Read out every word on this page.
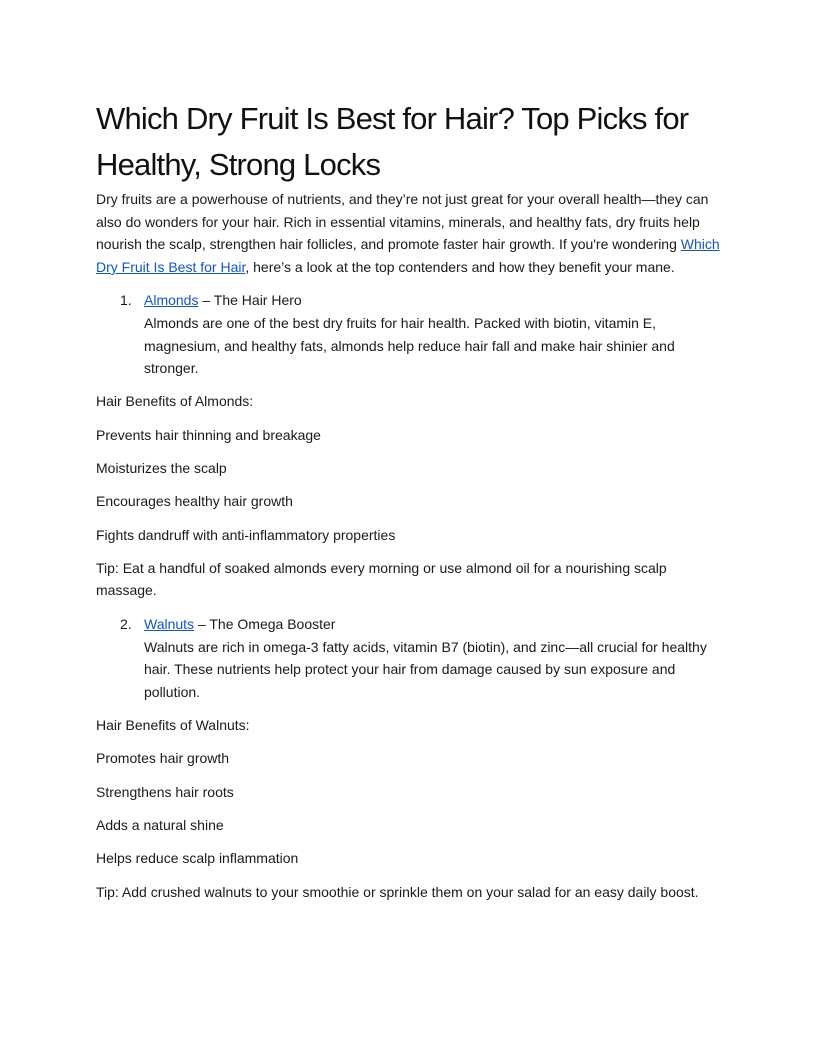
Which Dry Fruit Is Best for Hair? Top Picks for Healthy, Strong Locks

Dry fruits are a powerhouse of nutrients, and they’re not just great for your overall health—they can also do wonders for your hair. Rich in essential vitamins, minerals, and healthy fats, dry fruits help nourish the scalp, strengthen hair follicles, and promote faster hair growth. If you're wondering Which Dry Fruit Is Best for Hair, here’s a look at the top contenders and how they benefit your mane.

1. Almonds – The Hair Hero
Almonds are one of the best dry fruits for hair health. Packed with biotin, vitamin E, magnesium, and healthy fats, almonds help reduce hair fall and make hair shinier and stronger.

Hair Benefits of Almonds:

Prevents hair thinning and breakage

Moisturizes the scalp

Encourages healthy hair growth

Fights dandruff with anti-inflammatory properties

Tip: Eat a handful of soaked almonds every morning or use almond oil for a nourishing scalp massage.

2. Walnuts – The Omega Booster
Walnuts are rich in omega-3 fatty acids, vitamin B7 (biotin), and zinc—all crucial for healthy hair. These nutrients help protect your hair from damage caused by sun exposure and pollution.

Hair Benefits of Walnuts:

Promotes hair growth

Strengthens hair roots

Adds a natural shine

Helps reduce scalp inflammation

Tip: Add crushed walnuts to your smoothie or sprinkle them on your salad for an easy daily boost.
